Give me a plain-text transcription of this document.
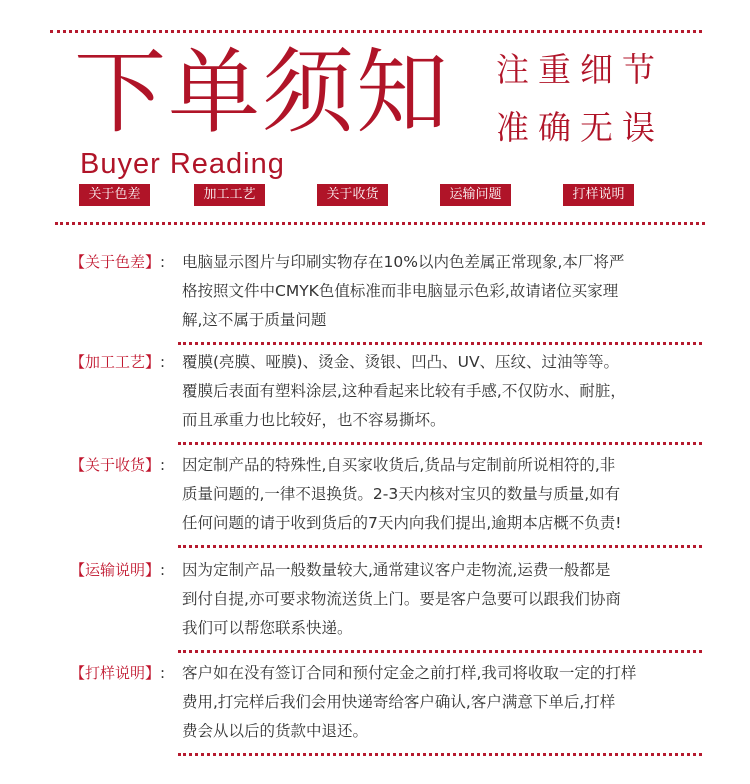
下单须知 注重细节
准确无误
Buyer Reading
关于色差	加工工艺	关于收货	运输问题	打样说明
【关于色差】: 电脑显示图片与印刷实物存在10%以内色差属正常现象,本厂将严
格按照文件中CMYK色值标准而非电脑显示色彩,故请诸位买家理
解,这不属于质量问题
【加工工艺】: 覆膜(亮膜、哑膜)、烫金、烫银、凹凸、UV、压纹、过油等等。
覆膜后表面有塑料涂层,这种看起来比较有手感,不仅防水、耐脏，
而且承重力也比较好，也不容易撕坏。
【关于收货】: 因定制产品的特殊性,自买家收货后,货品与定制前所说相符的,非
质量问题的,一律不退换货。2-3天内核对宝贝的数量与质量,如有
任何问题的请于收到货后的7天内向我们提出,逾期本店概不负责!
【运输说明】: 因为定制产品一般数量较大,通常建议客户走物流,运费一般都是
到付自提,亦可要求物流送货上门。要是客户急要可以跟我们协商
我们可以帮您联系快递。
【打样说明】: 客户如在没有签订合同和预付定金之前打样,我司将收取一定的打样
费用,打完样后我们会用快递寄给客户确认,客户满意下单后,打样
费会从以后的货款中退还。
